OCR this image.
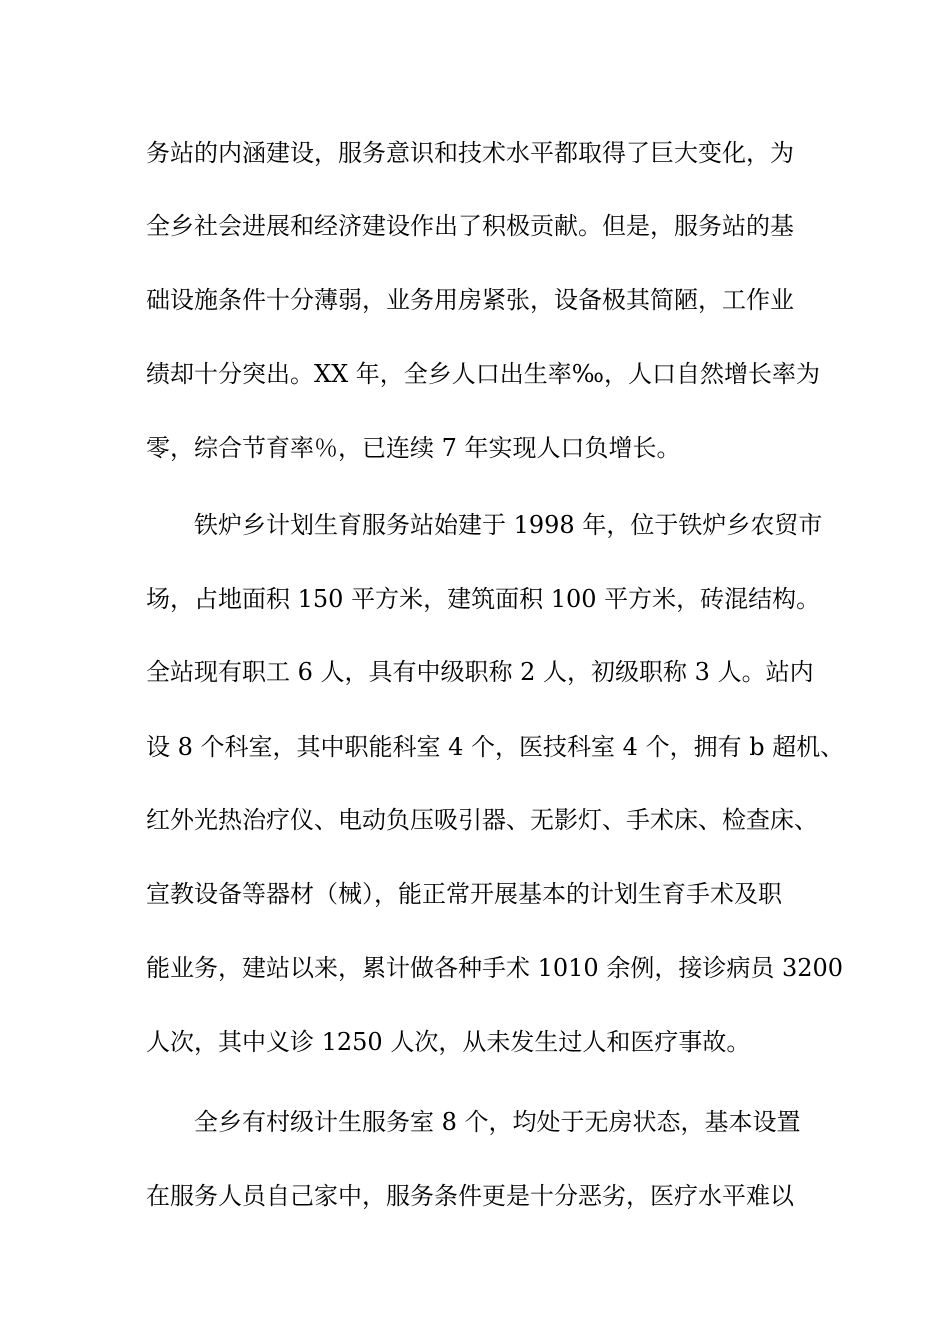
务站的内涵建设，服务意识和技术水平都取得了巨大变化，为
全乡社会进展和经济建设作出了积极贡献。但是，服务站的基
础设施条件十分薄弱，业务用房紧张，设备极其简陋，工作业
绩却十分突出。XX 年，全乡人口出生率‰，人口自然增长率为
零，综合节育率％，已连续 7 年实现人口负增长。
铁炉乡计划生育服务站始建于 1998 年，位于铁炉乡农贸市
场，占地面积 150 平方米，建筑面积 100 平方米，砖混结构。
全站现有职工 6 人，具有中级职称 2 人，初级职称 3 人。站内
设 8 个科室，其中职能科室 4 个，医技科室 4 个，拥有 b 超机、
红外光热治疗仪、电动负压吸引器、无影灯、手术床、检查床、
宣教设备等器材（械），能正常开展基本的计划生育手术及职
能业务，建站以来，累计做各种手术 1010 余例，接诊病员 3200
人次，其中义诊 1250 人次，从未发生过人和医疗事故。
全乡有村级计生服务室 8 个，均处于无房状态，基本设置
在服务人员自己家中，服务条件更是十分恶劣，医疗水平难以
